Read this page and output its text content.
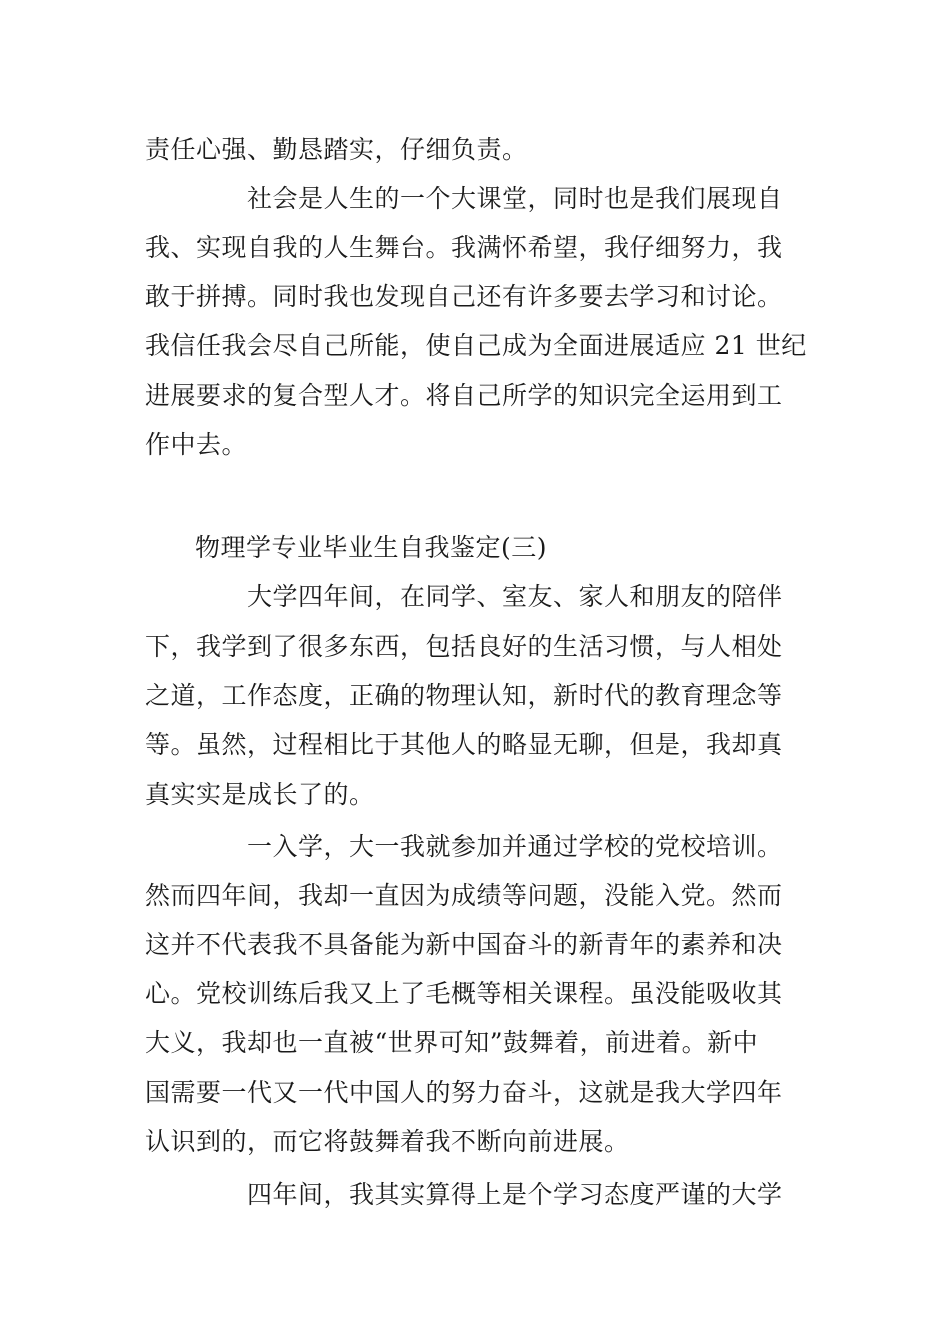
责任心强、勤恳踏实，仔细负责。
社会是人生的一个大课堂，同时也是我们展现自
我、实现自我的人生舞台。我满怀希望，我仔细努力，我
敢于拼搏。同时我也发现自己还有许多要去学习和讨论。
我信任我会尽自己所能，使自己成为全面进展适应 21 世纪
进展要求的复合型人才。将自己所学的知识完全运用到工
作中去。
物理学专业毕业生自我鉴定(三)
大学四年间，在同学、室友、家人和朋友的陪伴
下，我学到了很多东西，包括良好的生活习惯，与人相处
之道，工作态度，正确的物理认知，新时代的教育理念等
等。虽然，过程相比于其他人的略显无聊，但是，我却真
真实实是成长了的。
一入学，大一我就参加并通过学校的党校培训。
然而四年间，我却一直因为成绩等问题，没能入党。然而
这并不代表我不具备能为新中国奋斗的新青年的素养和决
心。党校训练后我又上了毛概等相关课程。虽没能吸收其
大义，我却也一直被“世界可知”鼓舞着，前进着。新中
国需要一代又一代中国人的努力奋斗，这就是我大学四年
认识到的，而它将鼓舞着我不断向前进展。
四年间，我其实算得上是个学习态度严谨的大学
